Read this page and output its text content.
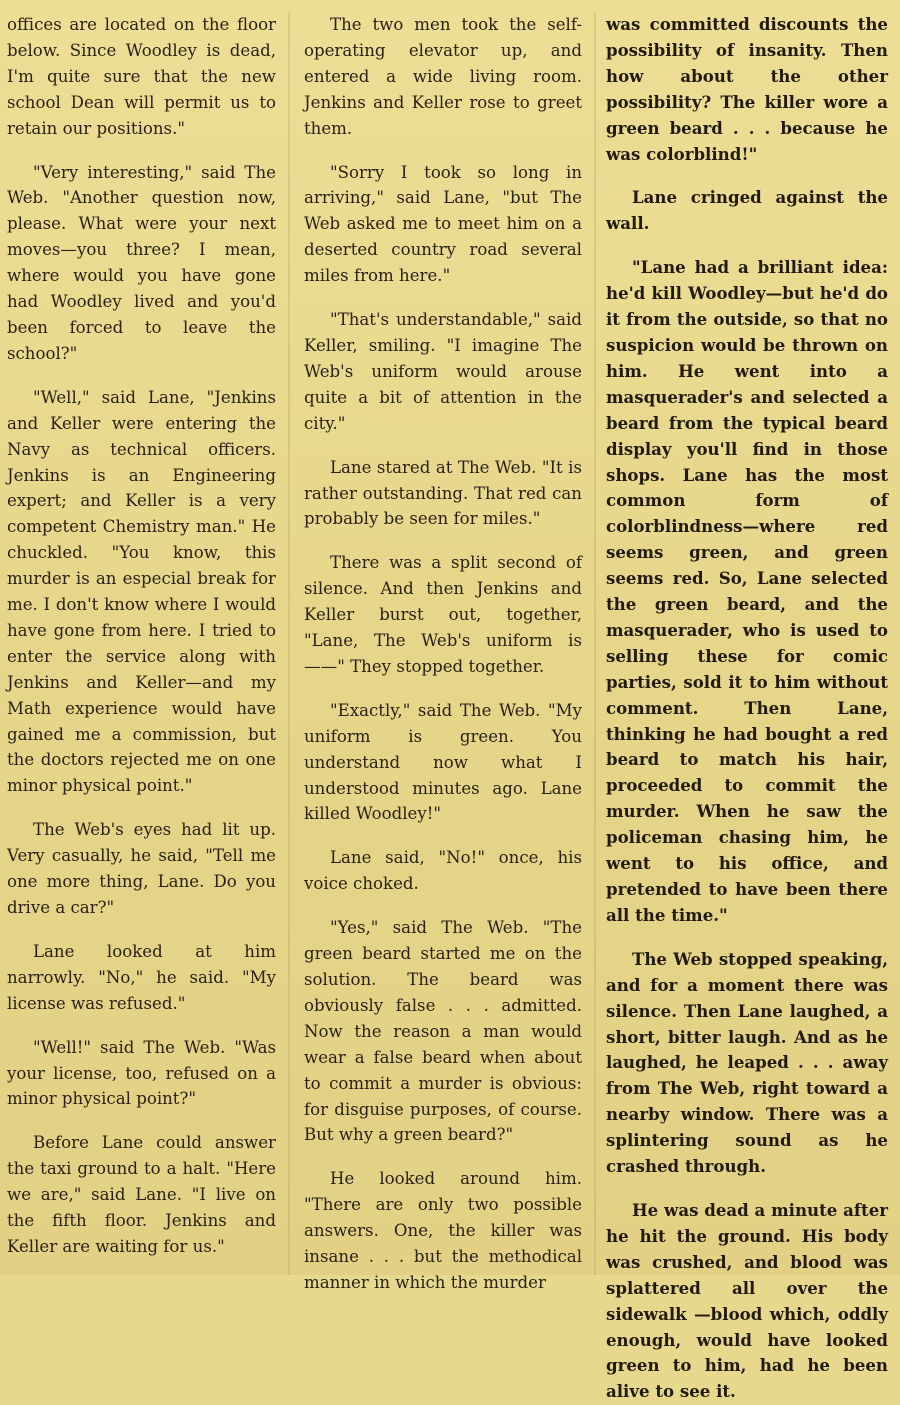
offices are located on the floor below. Since Woodley is dead, I'm quite sure that the new school Dean will permit us to retain our positions."

"Very interesting," said The Web. "Another question now, please. What were your next moves—you three? I mean, where would you have gone had Woodley lived and you'd been forced to leave the school?"

"Well," said Lane, "Jenkins and Keller were entering the Navy as technical officers. Jenkins is an Engineering expert; and Keller is a very competent Chemistry man." He chuckled. "You know, this murder is an especial break for me. I don't know where I would have gone from here. I tried to enter the service along with Jenkins and Keller—and my Math experience would have gained me a commission, but the doctors rejected me on one minor physical point."

The Web's eyes had lit up. Very casually, he said, "Tell me one more thing, Lane. Do you drive a car?"

Lane looked at him narrowly. "No," he said. "My license was refused."

"Well!" said The Web. "Was your license, too, refused on a minor physical point?"

Before Lane could answer the taxi ground to a halt. "Here we are," said Lane. "I live on the fifth floor. Jenkins and Keller are waiting for us."

The two men took the self-operating elevator up, and entered a wide living room. Jenkins and Keller rose to greet them.

"Sorry I took so long in arriving," said Lane, "but The Web asked me to meet him on a deserted country road several miles from here."

"That's understandable," said Keller, smiling. "I imagine The Web's uniform would arouse quite a bit of attention in the city."

Lane stared at The Web. "It is rather outstanding. That red can probably be seen for miles."

There was a split second of silence. And then Jenkins and Keller burst out, together, "Lane, The Web's uniform is ——" They stopped together.

"Exactly," said The Web. "My uniform is green. You understand now what I understood minutes ago. Lane killed Woodley!"

Lane said, "No!" once, his voice choked.

"Yes," said The Web. "The green beard started me on the solution. The beard was obviously false . . . admitted. Now the reason a man would wear a false beard when about to commit a murder is obvious: for disguise purposes, of course. But why a green beard?"

He looked around him. "There are only two possible answers. One, the killer was insane . . . but the methodical manner in which the murder

was committed discounts the possibility of insanity. Then how about the other possibility? The killer wore a green beard . . . because he was colorblind!"

Lane cringed against the wall.

"Lane had a brilliant idea: he'd kill Woodley—but he'd do it from the outside, so that no suspicion would be thrown on him. He went into a masquerader's and selected a beard from the typical beard display you'll find in those shops. Lane has the most common form of colorblindness—where red seems green, and green seems red. So, Lane selected the green beard, and the masquerader, who is used to selling these for comic parties, sold it to him without comment. Then Lane, thinking he had bought a red beard to match his hair, proceeded to commit the murder. When he saw the policeman chasing him, he went to his office, and pretended to have been there all the time."

The Web stopped speaking, and for a moment there was silence. Then Lane laughed, a short, bitter laugh. And as he laughed, he leaped . . . away from The Web, right toward a nearby window. There was a splintering sound as he crashed through.

He was dead a minute after he hit the ground. His body was crushed, and blood was splattered all over the sidewalk —blood which, oddly enough, would have looked green to him, had he been alive to see it.
